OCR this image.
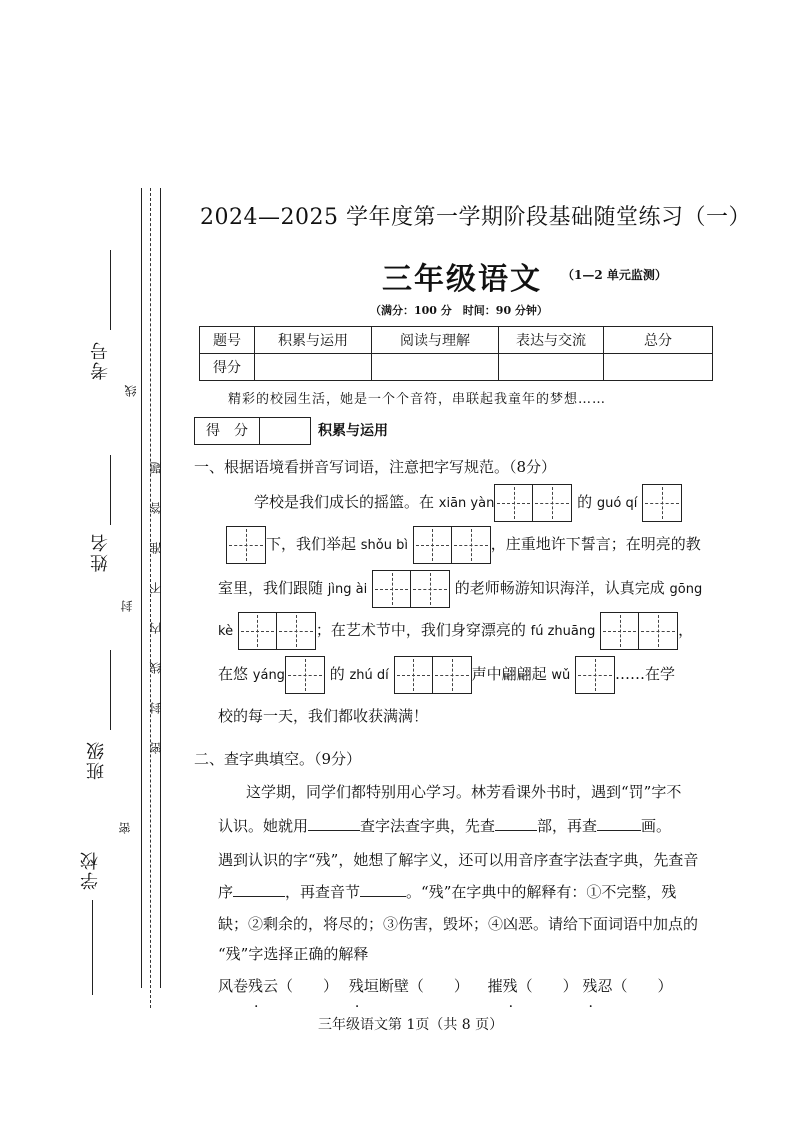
考号
姓名
班级
学校
线
封
密
题
答
准
不
内
线
封
密
2024—2025 学年度第一学期阶段基础随堂练习（一）
三年级语文 （1—2 单元监测）
（满分：100 分　时间：90 分钟）
题号	积累与运用	阅读与理解	表达与交流	总分
得分				
精彩的校园生活，她是一个个音符，串联起我童年的梦想……
得　分	积累与运用
一、根据语境看拼音写词语，注意把字写规范。（8分）
学校是我们成长的摇篮。在 xiān yàn	的 guó qí
下，我们举起 shǒu bì	，庄重地许下誓言；在明亮的教
室里，我们跟随 jìng ài	的老师畅游知识海洋，认真完成 gōng
kè	；在艺术节中，我们身穿漂亮的 fú zhuāng	，
在悠 yáng	的 zhú dí	声中翩翩起 wǔ	……在学
校的每一天，我们都收获满满！
二、查字典填空。（9分）
这学期，同学们都特别用心学习。林芳看课外书时，遇到“罚”字不
认识。她就用	查字法查字典，先查	部，再查	画。
遇到认识的字“残”，她想了解字义，还可以用音序查字法查字典，先查音
序	，再查音节	。“残”在字典中的解释有：①不完整，残
缺；②剩余的，将尽的；③伤害，毁坏；④凶恶。请给下面词语中加点的
“残”字选择正确的解释
风卷残云（　　） 残垣断壁（　　） 摧残（　　） 残忍（　　）
三年级语文第 1页（共 8 页）
